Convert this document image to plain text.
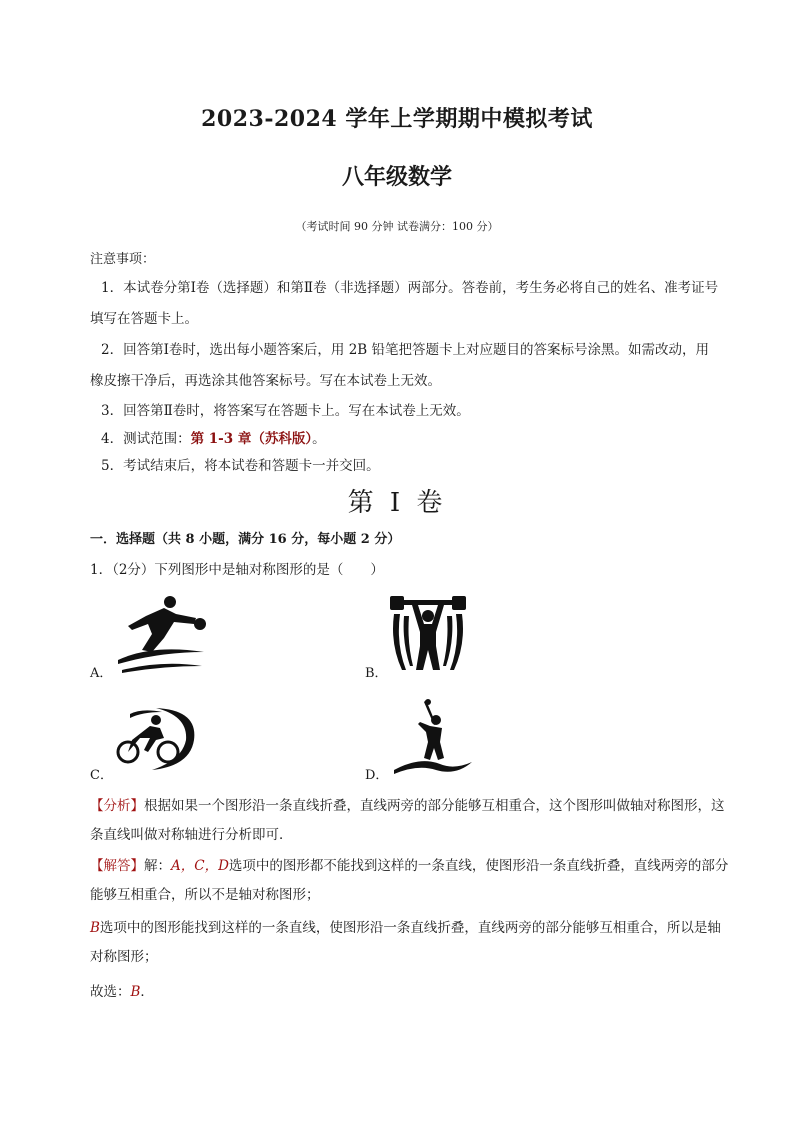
2023-2024 学年上学期期中模拟考试
八年级数学
（考试时间 90 分钟 试卷满分：100 分）
注意事项：
1．本试卷分第Ⅰ卷（选择题）和第Ⅱ卷（非选择题）两部分。答卷前，考生务必将自己的姓名、准考证号填写在答题卡上。
2．回答第Ⅰ卷时，选出每小题答案后，用 2B 铅笔把答题卡上对应题目的答案标号涂黑。如需改动，用橡皮擦干净后，再选涂其他答案标号。写在本试卷上无效。
3．回答第Ⅱ卷时，将答案写在答题卡上。写在本试卷上无效。
4．测试范围：第 1-3 章（苏科版）。
5．考试结束后，将本试卷和答题卡一并交回。
第 I 卷
一．选择题（共 8 小题，满分 16 分，每小题 2 分）
1．（2分）下列图形中是轴对称图形的是（　　）
A．	B．
C．	D．
【分析】根据如果一个图形沿一条直线折叠，直线两旁的部分能够互相重合，这个图形叫做轴对称图形，这条直线叫做对称轴进行分析即可．
【解答】解：A，C，D选项中的图形都不能找到这样的一条直线，使图形沿一条直线折叠，直线两旁的部分能够互相重合，所以不是轴对称图形；
B选项中的图形能找到这样的一条直线，使图形沿一条直线折叠，直线两旁的部分能够互相重合，所以是轴对称图形；
故选：B．
